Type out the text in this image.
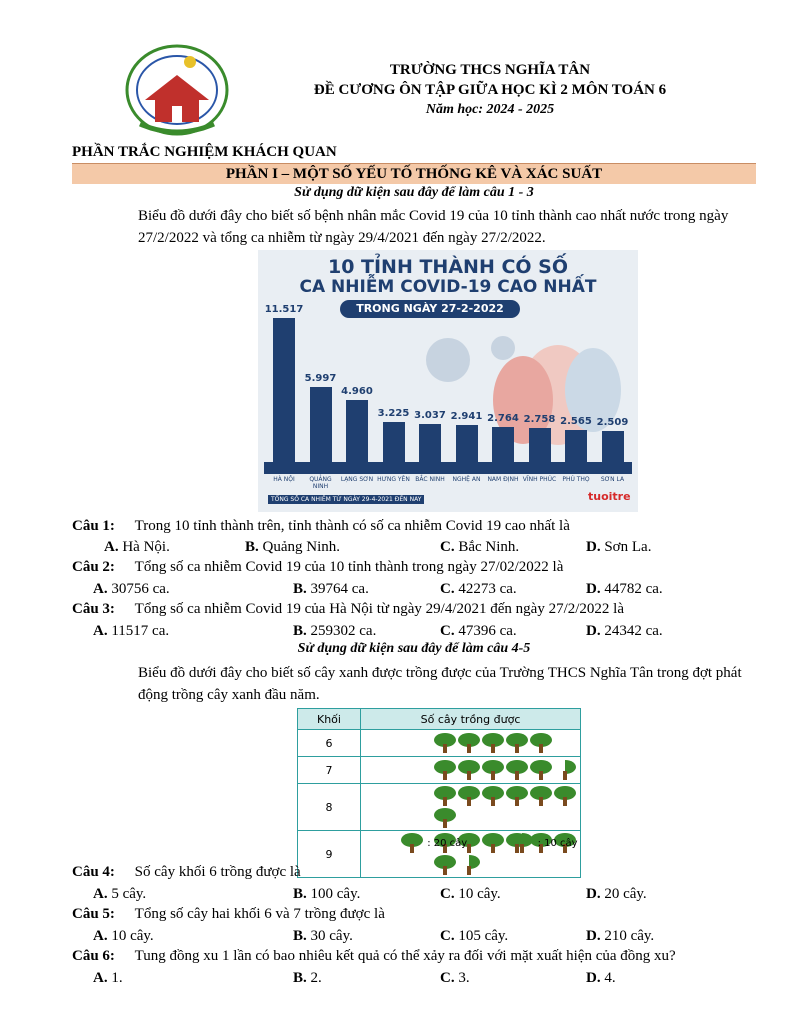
TRƯỜNG THCS NGHĨA TÂN
ĐỀ CƯƠNG ÔN TẬP GIỮA HỌC KÌ 2 MÔN TOÁN 6
Năm học: 2024 - 2025
PHẦN TRẮC NGHIỆM KHÁCH QUAN
PHẦN I – MỘT SỐ YẾU TỐ THỐNG KÊ VÀ XÁC SUẤT
Sử dụng dữ kiện sau đây để làm câu 1 - 3
Biểu đồ dưới đây cho biết số bệnh nhân mắc Covid 19 của 10 tỉnh thành cao nhất nước trong ngày 27/2/2022 và tổng ca nhiễm từ ngày 29/4/2021 đến ngày 27/2/2022.
10 TỈNH THÀNH CÓ SỐ
CA NHIỄM COVID-19 CAO NHẤT
TRONG NGÀY 27-2-2022
11.517
HÀ NỘI
5.997
QUẢNG NINH
4.960
LẠNG SƠN
3.225
HƯNG YÊN
3.037
BẮC NINH
2.941
NGHỆ AN
2.764
NAM ĐỊNH
2.758
VĨNH PHÚC
2.565
PHÚ THỌ
2.509
SƠN LA
TỔNG SỐ CA NHIỄM TỪ NGÀY 29-4-2021 ĐẾN NAY	tuoitre
Câu 1: Trong 10 tỉnh thành trên, tỉnh thành có số ca nhiễm Covid 19 cao nhất là
A. Hà Nội.	B. Quảng Ninh.	C. Bắc Ninh.	D. Sơn La.
Câu 2: Tổng số ca nhiễm Covid 19 của 10 tỉnh thành trong ngày 27/02/2022 là
A. 30756 ca.	B. 39764 ca.	C. 42273 ca.	D. 44782 ca.
Câu 3: Tổng số ca nhiễm Covid 19 của Hà Nội từ ngày 29/4/2021 đến ngày 27/2/2022 là
A. 11517 ca.	B. 259302 ca.	C. 47396 ca.	D. 24342 ca.
Sử dụng dữ kiện sau đây để làm câu 4-5
Biểu đồ dưới đây cho biết số cây xanh được trồng được của Trường THCS Nghĩa Tân trong đợt phát động trồng cây xanh đầu năm.
Khối	Số cây trồng được
6	
7	
8	
9	
: 20 cây	: 10 cây
Câu 4: Số cây khối 6 trồng được là
A. 5 cây.	B. 100 cây.	C. 10 cây.	D. 20 cây.
Câu 5: Tổng số cây hai khối 6 và 7 trồng được là
A. 10 cây.	B. 30 cây.	C. 105 cây.	D. 210 cây.
Câu 6: Tung đồng xu 1 lần có bao nhiêu kết quả có thể xảy ra đối với mặt xuất hiện của đồng xu?
A. 1.	B. 2.	C. 3.	D. 4.
